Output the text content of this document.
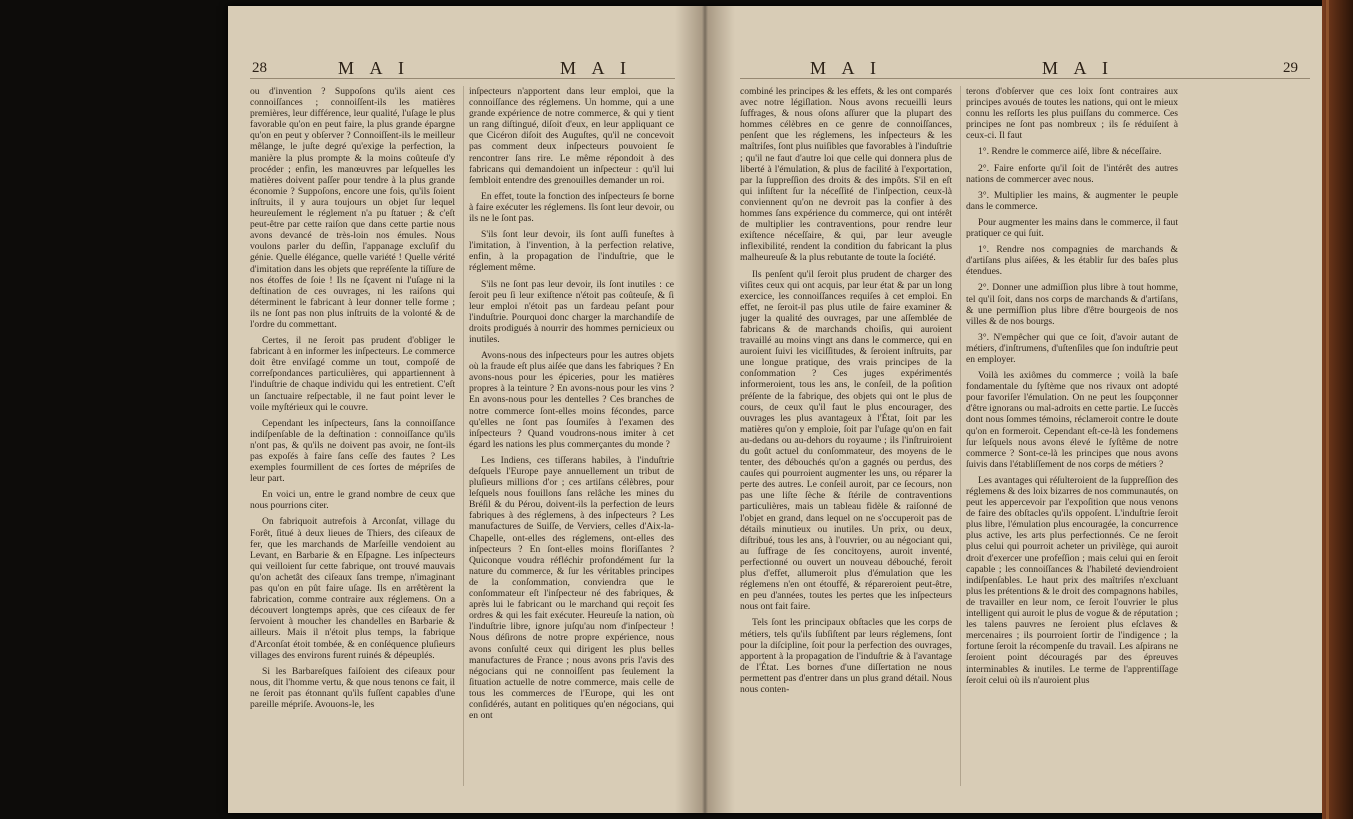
28	M A I	M A I

ou d'invention ? Suppoſons qu'ils aient ces connoiſſances ; connoiſſent-ils les matières premières, leur différence, leur qualité, l'uſage le plus favorable qu'on en peut faire, la plus grande épargne qu'on en peut y obſerver ? Connoiſſent-ils le meilleur mêlange, le juſte degré qu'exige la perfection, la manière la plus prompte & la moins coûteuſe d'y procéder ; enfin, les manœuvres par leſquelles les matières doivent paſſer pour tendre à la plus grande économie ? Suppoſons, encore une fois, qu'ils ſoient inſtruits, il y aura toujours un objet ſur lequel heureuſement le réglement n'a pu ſtatuer ; & c'eſt peut-être par cette raiſon que dans cette partie nous avons devancé de très-loin nos émules. Nous voulons parler du deſſin, l'appanage excluſif du génie. Quelle élégance, quelle variété ! Quelle vérité d'imitation dans les objets que repréſente la tiſſure de nos étoffes de ſoie ! Ils ne ſçavent ni l'uſage ni la deſtination de ces ouvrages, ni les raiſons qui déterminent le fabricant à leur donner telle forme ; ils ne ſont pas non plus inſtruits de la volonté & de l'ordre du commettant.

Certes, il ne ſeroit pas prudent d'obliger le fabricant à en informer les inſpecteurs. Le commerce doit être enviſagé comme un tout, compoſé de correſpondances particulières, qui appartiennent à l'induſtrie de chaque individu qui les entretient. C'eſt un ſanctuaire reſpectable, il ne faut point lever le voile myſtérieux qui le couvre.

Cependant les inſpecteurs, ſans la connoiſſance indiſpenſable de la deſtination : connoiſſance qu'ils n'ont pas, & qu'ils ne doivent pas avoir, ne ſont-ils pas expoſés à faire ſans ceſſe des fautes ? Les exemples fourmillent de ces ſortes de mépriſes de leur part.

En voici un, entre le grand nombre de ceux que nous pourrions citer.

On fabriquoit autrefois à Arconſat, village du Forêt, ſitué à deux lieues de Thiers, des ciſeaux de fer, que les marchands de Marſeille vendoient au Levant, en Barbarie & en Eſpagne. Les inſpecteurs qui veilloient ſur cette fabrique, ont trouvé mauvais qu'on achetât des ciſeaux ſans trempe, n'imaginant pas qu'on en pût faire uſage. Ils en arrêtèrent la fabrication, comme contraire aux réglemens. On a découvert longtemps après, que ces ciſeaux de fer ſervoient à moucher les chandelles en Barbarie & ailleurs. Mais il n'étoit plus temps, la fabrique d'Arconſat étoit tombée, & en conſéquence pluſieurs villages des environs furent ruinés & dépeuplés.

Si les Barbareſques faiſoient des ciſeaux pour nous, dit l'homme vertu, & que nous tenons ce fait, il ne ſeroit pas étonnant qu'ils fuſſent capables d'une pareille mépriſe. Avouons-le, les

inſpecteurs n'apportent dans leur emploi, que la connoiſſance des réglemens. Un homme, qui a une grande expérience de notre commerce, & qui y tient un rang diſtingué, diſoit d'eux, en leur appliquant ce que Cicéron diſoit des Auguſtes, qu'il ne concevoit pas comment deux inſpecteurs pouvoient ſe rencontrer ſans rire. Le même répondoit à des fabricans qui demandoient un inſpecteur : qu'il lui ſembloit entendre des grenouilles demander un roi.

En effet, toute la fonction des inſpecteurs ſe borne à faire exécuter les réglemens. Ils ſont leur devoir, ou ils ne le ſont pas.

S'ils ſont leur devoir, ils ſont auſſi funeſtes à l'imitation, à l'invention, à la perfection relative, enfin, à la propagation de l'induſtrie, que le réglement même.

S'ils ne ſont pas leur devoir, ils ſont inutiles : ce ſeroit peu ſi leur exiſtence n'étoit pas coûteuſe, & ſi leur emploi n'étoit pas un fardeau peſant pour l'induſtrie. Pourquoi donc charger la marchandiſe de droits prodigués à nourrir des hommes pernicieux ou inutiles.

Avons-nous des inſpecteurs pour les autres objets où la fraude eſt plus aiſée que dans les fabriques ? En avons-nous pour les épiceries, pour les matières propres à la teinture ? En avons-nous pour les vins ? En avons-nous pour les dentelles ? Ces branches de notre commerce ſont-elles moins fécondes, parce qu'elles ne ſont pas ſoumiſes à l'examen des inſpecteurs ? Quand voudrons-nous imiter à cet égard les nations les plus commerçantes du monde ?

Les Indiens, ces tiſſerans habiles, à l'induſtrie deſquels l'Europe paye annuellement un tribut de pluſieurs millions d'or ; ces artiſans célèbres, pour leſquels nous fouillons ſans relâche les mines du Bréſil & du Pérou, doivent-ils la perfection de leurs fabriques à des réglemens, à des inſpecteurs ? Les manufactures de Suiſſe, de Verviers, celles d'Aix-la-Chapelle, ont-elles des réglemens, ont-elles des inſpecteurs ? En ſont-elles moins floriſſantes ? Quiconque voudra réfléchir profondément ſur la nature du commerce, & ſur les véritables principes de la conſommation, conviendra que le conſommateur eſt l'inſpecteur né des fabriques, & après lui le fabricant ou le marchand qui reçoit ſes ordres & qui les fait exécuter. Heureuſe la nation, où l'induſtrie libre, ignore juſqu'au nom d'inſpecteur ! Nous déſirons de notre propre expérience, nous avons conſulté ceux qui dirigent les plus belles manufactures de France ; nous avons pris l'avis des négocians qui ne connoiſſent pas ſeulement la ſituation actuelle de notre commerce, mais celle de tous les commerces de l'Europe, qui les ont conſidérés, autant en politiques qu'en négocians, qui en ont

M A I	M A I	29

combiné les principes & les effets, & les ont comparés avec notre légiſlation. Nous avons recueilli leurs ſuffrages, & nous oſons aſſurer que la plupart des hommes célèbres en ce genre de connoiſſances, penſent que les réglemens, les inſpecteurs & les maîtriſes, ſont plus nuiſibles que favorables à l'induſtrie ; qu'il ne faut d'autre loi que celle qui donnera plus de liberté à l'émulation, & plus de facilité à l'exportation, par la ſuppreſſion des droits & des impôts. S'il en eſt qui inſiſtent ſur la néceſſité de l'inſpection, ceux-là conviennent qu'on ne devroit pas la confier à des hommes ſans expérience du commerce, qui ont intérêt de multiplier les contraventions, pour rendre leur exiſtence néceſſaire, & qui, par leur aveugle inflexibilité, rendent la condition du fabricant la plus malheureuſe & la plus rebutante de toute la ſociété.

Ils penſent qu'il ſeroit plus prudent de charger des viſites ceux qui ont acquis, par leur état & par un long exercice, les connoiſſances requiſes à cet emploi. En effet, ne ſeroit-il pas plus utile de faire examiner & juger la qualité des ouvrages, par une aſſemblée de fabricans & de marchands choiſis, qui auroient travaillé au moins vingt ans dans le commerce, qui en auroient ſuivi les viciſſitudes, & ſeroient inſtruits, par une longue pratique, des vrais principes de la conſommation ? Ces juges expérimentés informeroient, tous les ans, le conſeil, de la poſition préſente de la fabrique, des objets qui ont le plus de cours, de ceux qu'il faut le plus encourager, des ouvrages les plus avantageux à l'État, ſoit par les matières qu'on y emploie, ſoit par l'uſage qu'on en fait au-dedans ou au-dehors du royaume ; ils l'inſtruiroient du goût actuel du conſommateur, des moyens de le tenter, des débouchés qu'on a gagnés ou perdus, des cauſes qui pourroient augmenter les uns, ou réparer la perte des autres. Le conſeil auroit, par ce ſecours, non pas une liſte ſèche & ſtérile de contraventions particulières, mais un tableau fidèle & raiſonné de l'objet en grand, dans lequel on ne s'occuperoit pas de détails minutieux ou inutiles. Un prix, ou deux, diſtribué, tous les ans, à l'ouvrier, ou au négociant qui, au ſuffrage de ſes concitoyens, auroit inventé, perfectionné ou ouvert un nouveau débouché, feroit plus d'effet, allumeroit plus d'émulation que les réglemens n'en ont étouffé, & répareroient peut-être, en peu d'années, toutes les pertes que les inſpecteurs nous ont fait faire.

Tels ſont les principaux obſtacles que les corps de métiers, tels qu'ils ſubſiſtent par leurs réglemens, ſont pour la diſcipline, ſoit pour la perfection des ouvrages, apportent à la propagation de l'induſtrie & à l'avantage de l'État. Les bornes d'une diſſertation ne nous permettent pas d'entrer dans un plus grand détail. Nous nous conten-

terons d'obſerver que ces loix ſont contraires aux principes avoués de toutes les nations, qui ont le mieux connu les reſſorts les plus puiſſans du commerce. Ces principes ne ſont pas nombreux ; ils ſe réduiſent à ceux-ci. Il faut

1°. Rendre le commerce aiſé, libre & néceſſaire.

2°. Faire enforte qu'il ſoit de l'intérêt des autres nations de commercer avec nous.

3°. Multiplier les mains, & augmenter le peuple dans le commerce.

Pour augmenter les mains dans le commerce, il faut pratiquer ce qui ſuit.

1°. Rendre nos compagnies de marchands & d'artiſans plus aiſées, & les établir ſur des baſes plus étendues.

2°. Donner une admiſſion plus libre à tout homme, tel qu'il ſoit, dans nos corps de marchands & d'artiſans, & une permiſſion plus libre d'être bourgeois de nos villes & de nos bourgs.

3°. N'empêcher qui que ce ſoit, d'avoir autant de métiers, d'inſtrumens, d'uſtenſiles que ſon induſtrie peut en employer.

Voilà les axiômes du commerce ; voilà la baſe fondamentale du ſyſtème que nos rivaux ont adopté pour favoriſer l'émulation. On ne peut les ſoupçonner d'être ignorans ou mal-adroits en cette partie. Le ſuccès dont nous ſommes témoins, réclameroit contre le doute qu'on en formeroit. Cependant eſt-ce-là les fondemens ſur leſquels nous avons élevé le ſyſtême de notre commerce ? Sont-ce-là les principes que nous avons ſuivis dans l'établiſſement de nos corps de métiers ?

Les avantages qui réſulteroient de la ſuppreſſion des réglemens & des loix bizarres de nos communautés, on peut les appercevoir par l'expoſition que nous venons de faire des obſtacles qu'ils oppoſent. L'induſtrie ſeroit plus libre, l'émulation plus encouragée, la concurrence plus active, les arts plus perfectionnés. Ce ne ſeroit plus celui qui pourroit acheter un privilège, qui auroit droit d'exercer une profeſſion ; mais celui qui en ſeroit capable ; les connoiſſances & l'habileté deviendroient indiſpenſables. Le haut prix des maîtriſes n'excluant plus les prétentions & le droit des compagnons habiles, de travailler en leur nom, ce ſeroit l'ouvrier le plus intelligent qui auroit le plus de vogue & de réputation ; les talens pauvres ne ſeroient plus eſclaves & mercenaires ; ils pourroient ſortir de l'indigence ; la fortune ſeroit la récompenſe du travail. Les aſpirans ne ſeroient point découragés par des épreuves interminables & inutiles. Le terme de l'apprentiſſage ſeroit celui où ils n'auroient plus
